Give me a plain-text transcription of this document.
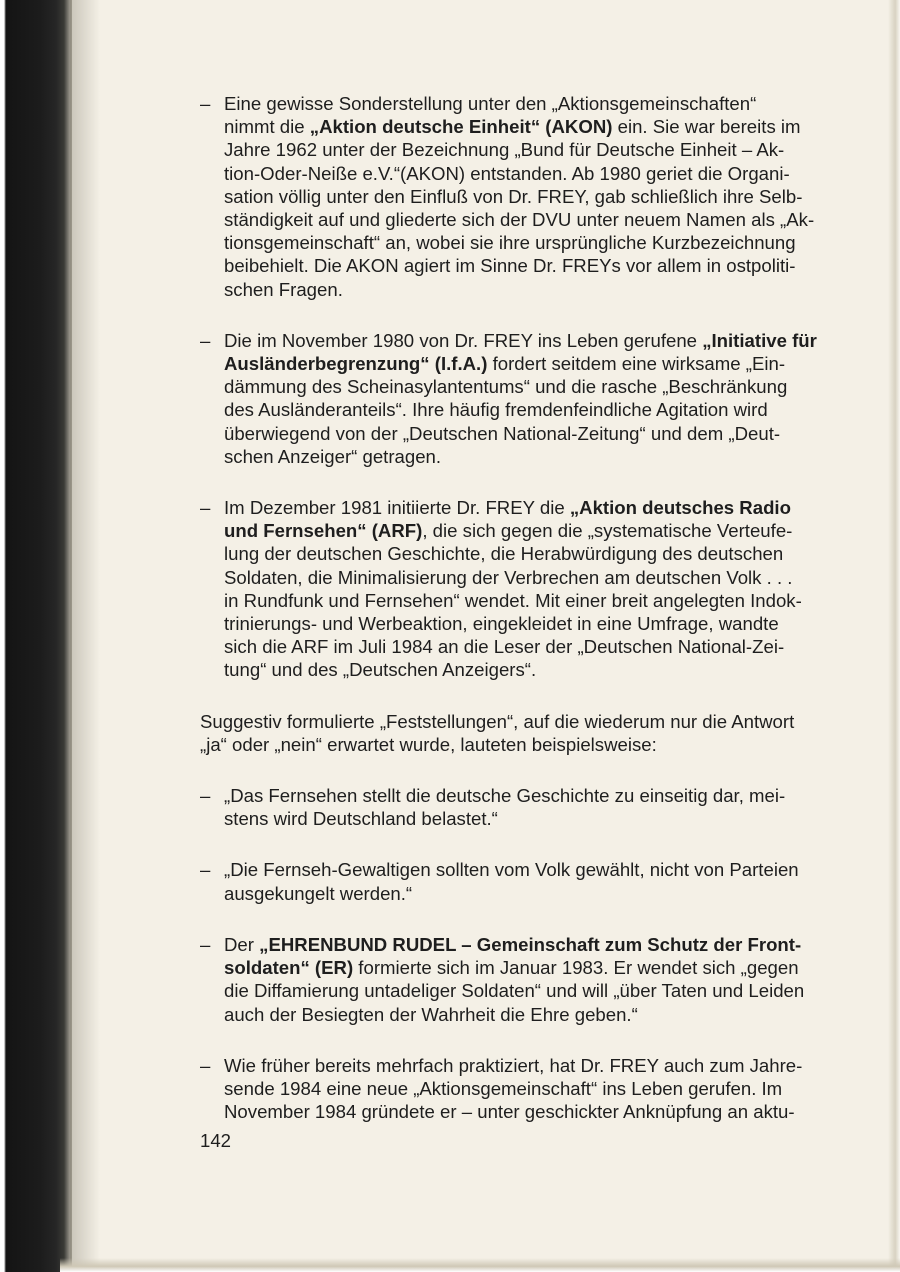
– Eine gewisse Sonderstellung unter den „Aktionsgemeinschaften“

nimmt die „Aktion deutsche Einheit“ (AKON) ein. Sie war bereits im

Jahre 1962 unter der Bezeichnung „Bund für Deutsche Einheit – Ak-

tion-Oder-Neiße e.V.“(AKON) entstanden. Ab 1980 geriet die Organi-

sation völlig unter den Einfluß von Dr. FREY, gab schließlich ihre Selb-

ständigkeit auf und gliederte sich der DVU unter neuem Namen als „Ak-

tionsgemeinschaft“ an, wobei sie ihre ursprüngliche Kurzbezeichnung

beibehielt. Die AKON agiert im Sinne Dr. FREYs vor allem in ostpoliti-

schen Fragen.

– Die im November 1980 von Dr. FREY ins Leben gerufene „Initiative für

Ausländerbegrenzung“ (I.f.A.) fordert seitdem eine wirksame „Ein-

dämmung des Scheinasylantentums“ und die rasche „Beschränkung

des Ausländeranteils“. Ihre häufig fremdenfeindliche Agitation wird

überwiegend von der „Deutschen National-Zeitung“ und dem „Deut-

schen Anzeiger“ getragen.

– Im Dezember 1981 initiierte Dr. FREY die „Aktion deutsches Radio

und Fernsehen“ (ARF), die sich gegen die „systematische Verteufe-

lung der deutschen Geschichte, die Herabwürdigung des deutschen

Soldaten, die Minimalisierung der Verbrechen am deutschen Volk . . .

in Rundfunk und Fernsehen“ wendet. Mit einer breit angelegten Indok-

trinierungs- und Werbeaktion, eingekleidet in eine Umfrage, wandte

sich die ARF im Juli 1984 an die Leser der „Deutschen National-Zei-

tung“ und des „Deutschen Anzeigers“.

Suggestiv formulierte „Feststellungen“, auf die wiederum nur die Antwort

„ja“ oder „nein“ erwartet wurde, lauteten beispielsweise:

– „Das Fernsehen stellt die deutsche Geschichte zu einseitig dar, mei-

stens wird Deutschland belastet.“

– „Die Fernseh-Gewaltigen sollten vom Volk gewählt, nicht von Parteien

ausgekungelt werden.“

– Der „EHRENBUND RUDEL – Gemeinschaft zum Schutz der Front-

soldaten“ (ER) formierte sich im Januar 1983. Er wendet sich „gegen

die Diffamierung untadeliger Soldaten“ und will „über Taten und Leiden

auch der Besiegten der Wahrheit die Ehre geben.“

– Wie früher bereits mehrfach praktiziert, hat Dr. FREY auch zum Jahre-

sende 1984 eine neue „Aktionsgemeinschaft“ ins Leben gerufen. Im

November 1984 gründete er – unter geschickter Anknüpfung an aktu-

142
